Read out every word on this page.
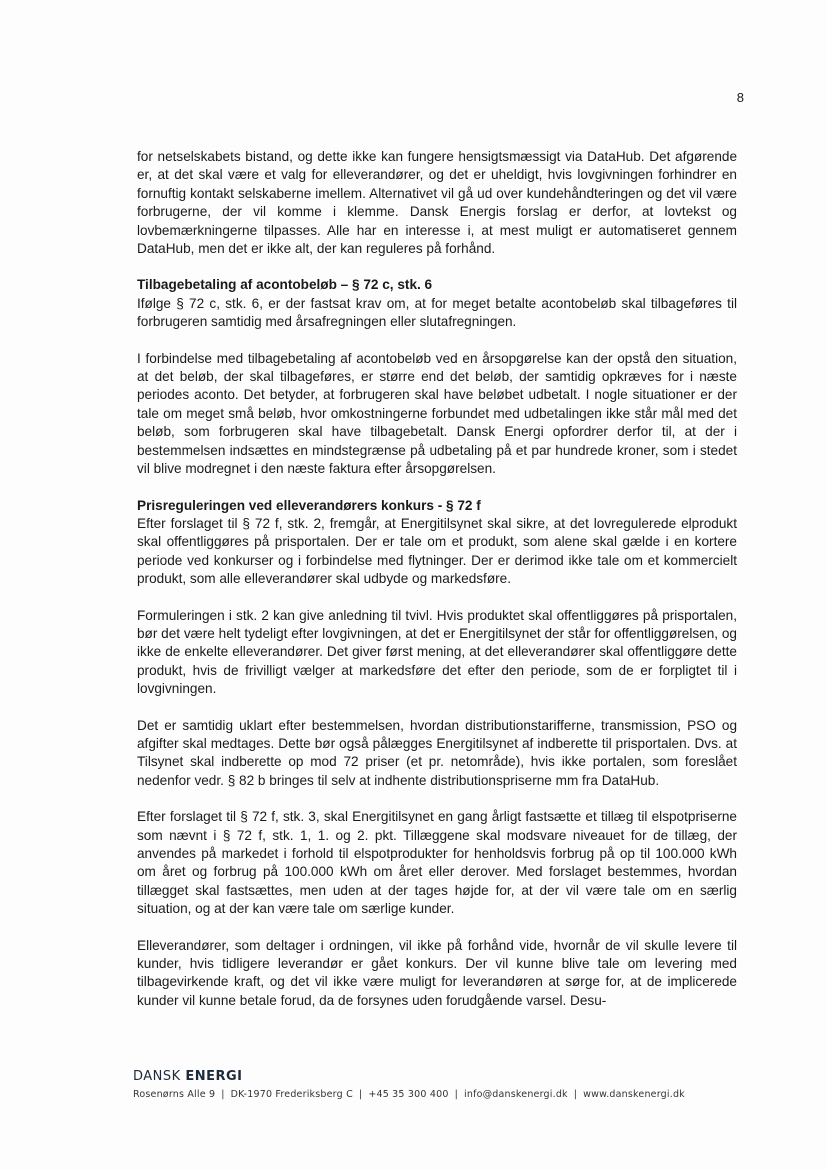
8

for netselskabets bistand, og dette ikke kan fungere hensigtsmæssigt via DataHub. Det afgørende er, at det skal være et valg for elleverandører, og det er uheldigt, hvis lovgivningen forhindrer en fornuftig kontakt selskaberne imellem. Alternativet vil gå ud over kundehåndteringen og det vil være forbrugerne, der vil komme i klemme. Dansk Energis forslag er derfor, at lovtekst og lovbemærkningerne tilpasses. Alle har en interesse i, at mest muligt er automatiseret gennem DataHub, men det er ikke alt, der kan reguleres på forhånd.

Tilbagebetaling af acontobeløb – § 72 c, stk. 6

Ifølge § 72 c, stk. 6, er der fastsat krav om, at for meget betalte acontobeløb skal tilbageføres til forbrugeren samtidig med årsafregningen eller slutafregningen.

I forbindelse med tilbagebetaling af acontobeløb ved en årsopgørelse kan der opstå den situation, at det beløb, der skal tilbageføres, er større end det beløb, der samtidig opkræves for i næste periodes aconto. Det betyder, at forbrugeren skal have beløbet udbetalt. I nogle situationer er der tale om meget små beløb, hvor omkostningerne forbundet med udbetalingen ikke står mål med det beløb, som forbrugeren skal have tilbagebetalt. Dansk Energi opfordrer derfor til, at der i bestemmelsen indsættes en mindstegrænse på udbetaling på et par hundrede kroner, som i stedet vil blive modregnet i den næste faktura efter årsopgørelsen.

Prisreguleringen ved elleverandørers konkurs - § 72 f

Efter forslaget til § 72 f, stk. 2, fremgår, at Energitilsynet skal sikre, at det lovregulerede elprodukt skal offentliggøres på prisportalen. Der er tale om et produkt, som alene skal gælde i en kortere periode ved konkurser og i forbindelse med flytninger. Der er derimod ikke tale om et kommercielt produkt, som alle elleverandører skal udbyde og markedsføre.

Formuleringen i stk. 2 kan give anledning til tvivl. Hvis produktet skal offentliggøres på prisportalen, bør det være helt tydeligt efter lovgivningen, at det er Energitilsynet der står for offentliggørelsen, og ikke de enkelte elleverandører. Det giver først mening, at det elleverandører skal offentliggøre dette produkt, hvis de frivilligt vælger at markedsføre det efter den periode, som de er forpligtet til i lovgivningen.

Det er samtidig uklart efter bestemmelsen, hvordan distributionstarifferne, transmission, PSO og afgifter skal medtages. Dette bør også pålægges Energitilsynet af indberette til prisportalen. Dvs. at Tilsynet skal indberette op mod 72 priser (et pr. netområde), hvis ikke portalen, som foreslået nedenfor vedr. § 82 b bringes til selv at indhente distributionspriserne mm fra DataHub.

Efter forslaget til § 72 f, stk. 3, skal Energitilsynet en gang årligt fastsætte et tillæg til elspotpriserne som nævnt i § 72 f, stk. 1, 1. og 2. pkt. Tillæggene skal modsvare niveauet for de tillæg, der anvendes på markedet i forhold til elspotprodukter for henholdsvis forbrug på op til 100.000 kWh om året og forbrug på 100.000 kWh om året eller derover. Med forslaget bestemmes, hvordan tillægget skal fastsættes, men uden at der tages højde for, at der vil være tale om en særlig situation, og at der kan være tale om særlige kunder.

Elleverandører, som deltager i ordningen, vil ikke på forhånd vide, hvornår de vil skulle levere til kunder, hvis tidligere leverandør er gået konkurs. Der vil kunne blive tale om levering med tilbagevirkende kraft, og det vil ikke være muligt for leverandøren at sørge for, at de implicerede kunder vil kunne betale forud, da de forsynes uden forudgående varsel. Desu-

DANSK ENERGI
Rosenørns Alle 9 | DK-1970 Frederiksberg C | +45 35 300 400 | info@danskenergi.dk | www.danskenergi.dk
